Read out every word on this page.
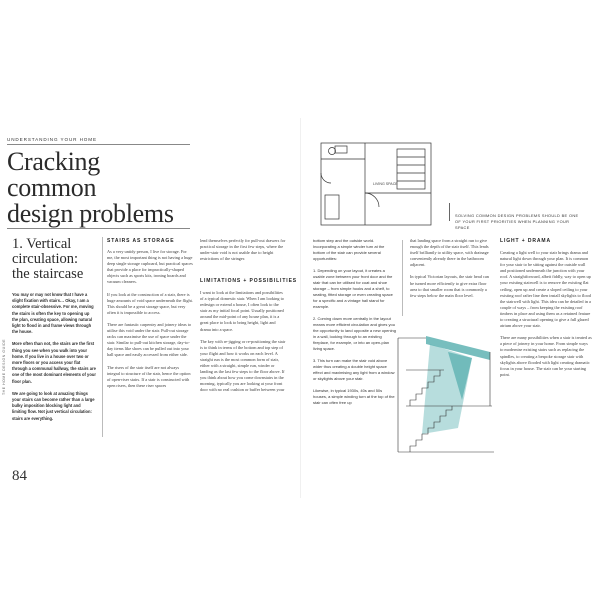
UNDERSTANDING YOUR HOME
Cracking
common
design problems
1. Vertical
circulation:
the staircase

You may or may not know that I have a slight fixation with stairs… Okay, I am a complete stair-obsessive. For me, moving the stairs is often the key to opening up the plan, creating space, allowing natural light to flood in and frame views through the house.

More often than not, the stairs are the first thing you see when you walk into your home. If you live in a house over two or more floors or you access your flat through a communal hallway, the stairs are one of the most dominant elements of your floor plan.

We are going to look at amazing things your stairs can become rather than a large bulky imposition blocking light and limiting flow. Not just vertical circulation: stairs are everything.

STAIRS AS STORAGE

As a very untidy person, I live for storage. For me, the most important thing is not having a huge deep single storage cupboard, but practical spaces that provide a place for impractically-shaped objects such as sports kits, ironing boards and vacuum cleaners.

If you look at the construction of a stair, there is huge amounts of void space underneath the flight. This should be a great storage space, but very often it is impossible to access.

There are fantastic carpentry and joinery ideas to utilise this void under the stair. Pull-out storage racks can maximise the use of space under the stair. Similar to pull-out kitchen storage, day-to-day items like shoes can be pulled out into your hall space and easily accessed from either side.

The risers of the stair itself are not always integral to structure of the stair, hence the option of open-riser stairs. If a stair is constructed with open risers, then these riser spaces

lend themselves perfectly for pull-out drawers for practical storage in the first few steps, where the under-stair void is not usable due to height restrictions of the stringer.

LIMITATIONS + POSSIBILITIES

I want to look at the limitations and possibilities of a typical domestic stair. When I am looking to redesign or extend a house, I often look to the stair as my initial focal point. Usually positioned around the mid-point of any house plan, it is a great place to look to bring height, light and drama into a space.

The key with re-jigging or re-positioning the stair is to think in terms of the bottom and top step of your flight and how it works on each level. A straight run is the most common form of stair, either with a straight, simple run, winder or landing as the last few steps to the floor above. If you think about how you come downstairs in the morning, typically you are looking at your front door with no real cushion or buffer between your

THE HOME DESIGN GUIDE
84
LIVING SPACE
SOLVING COMMON DESIGN PROBLEMS SHOULD BE ONE OF YOUR FIRST PRIORITIES WHEN PLANNING YOUR SPACE

bottom step and the outside world. Incorporating a simple winder turn at the bottom of the stair can provide several opportunities:

1. Depending on your layout, it creates a usable zone between your front door and the stair that can be utilised for coat and shoe storage – from simple hooks and a shelf, to seating, fitted storage or even creating space for a specific and a vintage hall stand for example.

2. Coming down more centrally in the layout means more efficient circulation and gives you the opportunity to land opposite a new opening in a wall, looking through to an existing fireplace, for example, or into an open-plan living space.

3. This turn can make the stair void above wider thus creating a double height space effect and maximising any light from a window or skylights above your stair.

Likewise, in typical 1930s, 40s and 50s houses, a simple winding turn at the top of the stair can often free up

that landing space from a straight run to give enough the depth of the stair itself. This lends itself brilliantly to utility space, with drainage conveniently already there in the bathroom adjacent.

In typical Victorian layouts, the stair head can be turned more efficiently to give extra floor area to that smaller room that is commonly a few steps below the main floor level.

LIGHT + DRAMA

Creating a light well to your stair brings drama and natural light down through your plan. It is common for your stair to be sitting against the outside wall and positioned underneath the junction with your roof. A straightforward, albeit fiddly, way to open up your existing stairwell is to remove the existing flat ceiling, open up and create a sloped ceiling to your existing roof rafter line then install skylights to flood the stairwell with light. This idea can be detailed in a couple of ways – from keeping the existing roof timbers in place and using them as a retained feature to creating a structural opening to give a full glazed atrium above your stair.

There are many possibilities when a stair is treated as a piece of joinery in your home. From simple ways to modernise existing stairs such as replacing the spindles, to creating a bespoke storage stair with skylights above flooded with light creating dramatic focus in your house. The stair can be your starting point.
